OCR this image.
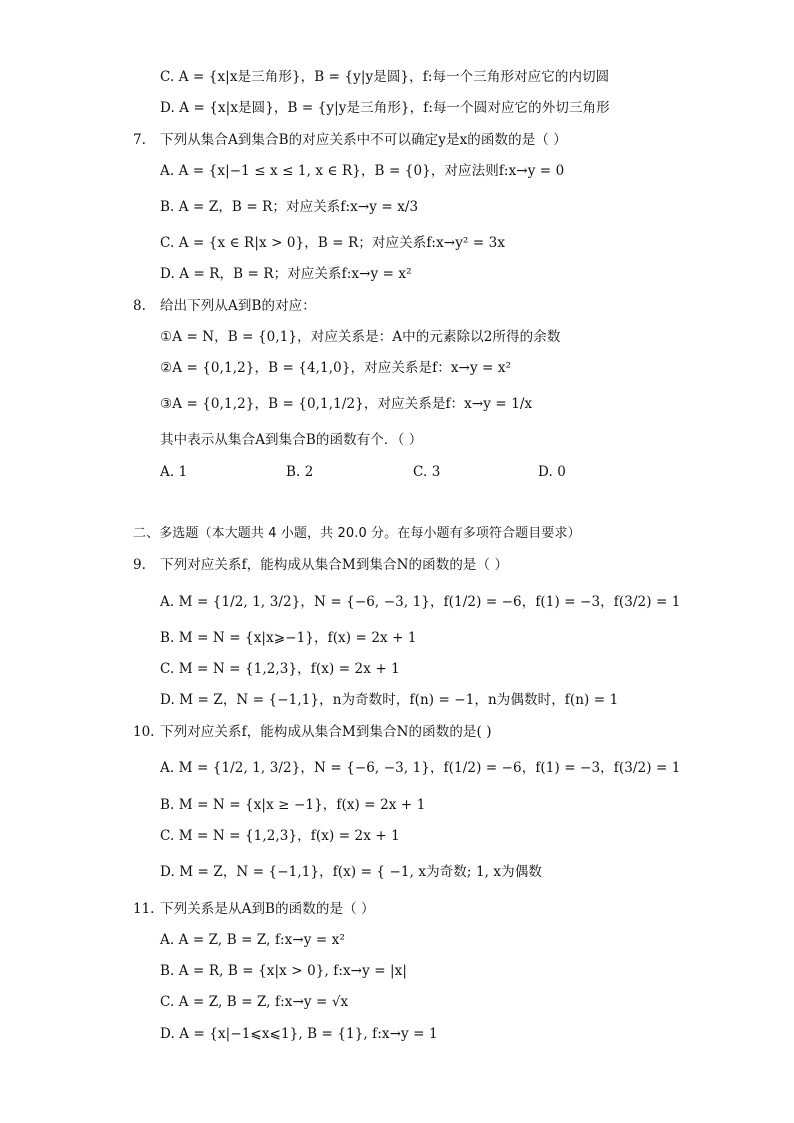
C. A = {x|x是三角形}，B = {y|y是圆}，f:每一个三角形对应它的内切圆
D. A = {x|x是圆}，B = {y|y是三角形}，f:每一个圆对应它的外切三角形
7. 下列从集合A到集合B的对应关系中不可以确定y是x的函数的是（ ）
A. A = {x|−1 ≤ x ≤ 1, x ∈ R}，B = {0}，对应法则f:x→y = 0
B. A = Z，B = R；对应关系f:x→y = x/3
C. A = {x ∈ R|x > 0}，B = R；对应关系f:x→y² = 3x
D. A = R，B = R；对应关系f:x→y = x²
8. 给出下列从A到B的对应：
①A = N，B = {0,1}，对应关系是：A中的元素除以2所得的余数
②A = {0,1,2}，B = {4,1,0}，对应关系是f：x→y = x²
③A = {0,1,2}，B = {0,1,1/2}，对应关系是f：x→y = 1/x
其中表示从集合A到集合B的函数有个．（ ）
A. 1	B. 2	C. 3	D. 0
二、多选题（本大题共 4 小题，共 20.0 分。在每小题有多项符合题目要求）
9. 下列对应关系f，能构成从集合M到集合N的函数的是（ ）
A. M = {1/2, 1, 3/2}，N = {−6, −3, 1}，f(1/2) = −6，f(1) = −3，f(3/2) = 1
B. M = N = {x|x⩾−1}，f(x) = 2x + 1
C. M = N = {1,2,3}，f(x) = 2x + 1
D. M = Z，N = {−1,1}，n为奇数时，f(n) = −1，n为偶数时，f(n) = 1
10. 下列对应关系f，能构成从集合M到集合N的函数的是( )
A. M = {1/2, 1, 3/2}，N = {−6, −3, 1}，f(1/2) = −6，f(1) = −3，f(3/2) = 1
B. M = N = {x|x ≥ −1}，f(x) = 2x + 1
C. M = N = {1,2,3}，f(x) = 2x + 1
D. M = Z，N = {−1,1}，f(x) = { −1, x为奇数; 1, x为偶数
11. 下列关系是从A到B的函数的是（ ）
A. A = Z, B = Z, f:x→y = x²
B. A = R, B = {x|x > 0}, f:x→y = |x|
C. A = Z, B = Z, f:x→y = √x
D. A = {x|−1⩽x⩽1}, B = {1}, f:x→y = 1
